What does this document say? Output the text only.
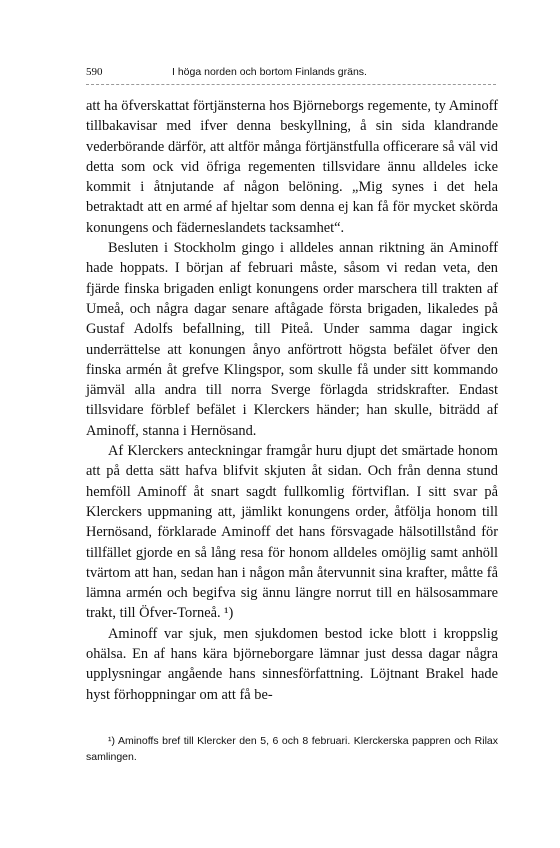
590	I höga norden och bortom Finlands gräns.

att ha öfverskattat förtjänsterna hos Björneborgs regemente, ty Aminoff tillbakavisar med ifver denna beskyllning, å sin sida klandrande vederbörande därför, att altför många förtjänstfulla officerare så väl vid detta som ock vid öfriga regementen tillsvidare ännu alldeles icke kommit i åtnjutande af någon belöning. „Mig synes i det hela betraktadt att en armé af hjeltar som denna ej kan få för mycket skörda konungens och fäderneslandets tacksamhet“.

Besluten i Stockholm gingo i alldeles annan riktning än Aminoff hade hoppats. I början af februari måste, såsom vi redan veta, den fjärde finska brigaden enligt konungens order marschera till trakten af Umeå, och några dagar senare aftågade första brigaden, likaledes på Gustaf Adolfs befallning, till Piteå. Under samma dagar ingick underrättelse att konungen ånyo anförtrott högsta befälet öfver den finska armén åt grefve Klingspor, som skulle få under sitt kommando jämväl alla andra till norra Sverge förlagda stridskrafter. Endast tillsvidare förblef befälet i Klerckers händer; han skulle, biträdd af Aminoff, stanna i Hernösand.

Af Klerckers anteckningar framgår huru djupt det smärtade honom att på detta sätt hafva blifvit skjuten åt sidan. Och från denna stund hemföll Aminoff åt snart sagdt fullkomlig förtviflan. I sitt svar på Klerckers uppmaning att, jämlikt konungens order, åtfölja honom till Hernösand, förklarade Aminoff det hans försvagade hälsotillstånd för tillfället gjorde en så lång resa för honom alldeles omöjlig samt anhöll tvärtom att han, sedan han i någon mån återvunnit sina krafter, måtte få lämna armén och begifva sig ännu längre norrut till en hälsosammare trakt, till Öfver-Torneå. ¹)

Aminoff var sjuk, men sjukdomen bestod icke blott i kroppslig ohälsa. En af hans kära björneborgare lämnar just dessa dagar några upplysningar angående hans sinnesförfattning. Löjtnant Brakel hade hyst förhoppningar om att få be-

¹) Aminoffs bref till Klercker den 5, 6 och 8 februari. Klerckerska pappren och Rilax samlingen.
